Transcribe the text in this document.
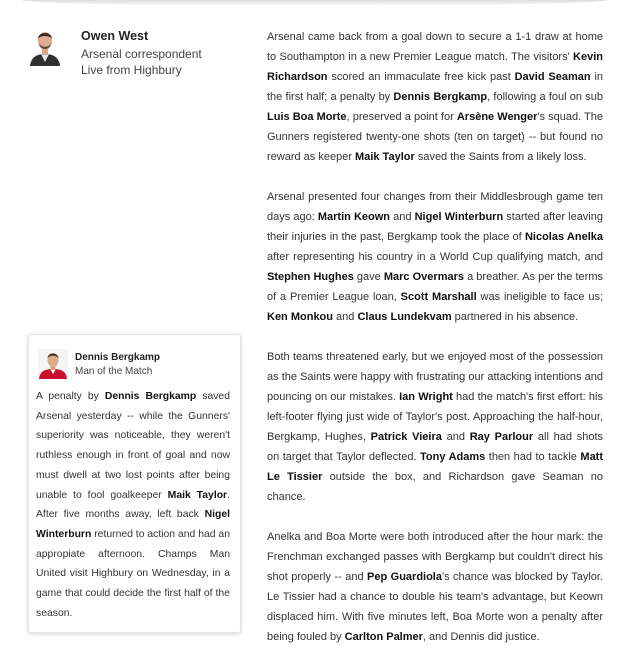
Owen West
Arsenal correspondent
Live from Highbury

Arsenal came back from a goal down to secure a 1-1 draw at home to Southampton in a new Premier League match. The visitors' Kevin Richardson scored an immaculate free kick past David Seaman in the first half; a penalty by Dennis Bergkamp, following a foul on sub Luis Boa Morte, preserved a point for Arsène Wenger's squad. The Gunners registered twenty-one shots (ten on target) -- but found no reward as keeper Maik Taylor saved the Saints from a likely loss.

Arsenal presented four changes from their Middlesbrough game ten days ago: Martin Keown and Nigel Winterburn started after leaving their injuries in the past, Bergkamp took the place of Nicolas Anelka after representing his country in a World Cup qualifying match, and Stephen Hughes gave Marc Overmars a breather. As per the terms of a Premier League loan, Scott Marshall was ineligible to face us; Ken Monkou and Claus Lundekvam partnered in his absence.

Both teams threatened early, but we enjoyed most of the possession as the Saints were happy with frustrating our attacking intentions and pouncing on our mistakes. Ian Wright had the match's first effort: his left-footer flying just wide of Taylor's post. Approaching the half-hour, Bergkamp, Hughes, Patrick Vieira and Ray Parlour all had shots on target that Taylor deflected. Tony Adams then had to tackle Matt Le Tissier outside the box, and Richardson gave Seaman no chance.

Anelka and Boa Morte were both introduced after the hour mark: the Frenchman exchanged passes with Bergkamp but couldn't direct his shot properly -- and Pep Guardiola's chance was blocked by Taylor. Le Tissier had a chance to double his team's advantage, but Keown displaced him. With five minutes left, Boa Morte won a penalty after being fouled by Carlton Palmer, and Dennis did justice.

Dennis Bergkamp
Man of the Match

A penalty by Dennis Bergkamp saved Arsenal yesterday -- while the Gunners' superiority was noticeable, they weren't ruthless enough in front of goal and now must dwell at two lost points after being unable to fool goalkeeper Maik Taylor. After five months away, left back Nigel Winterburn returned to action and had an appropiate afternoon. Champs Man United visit Highbury on Wednesday, in a game that could decide the first half of the season.
